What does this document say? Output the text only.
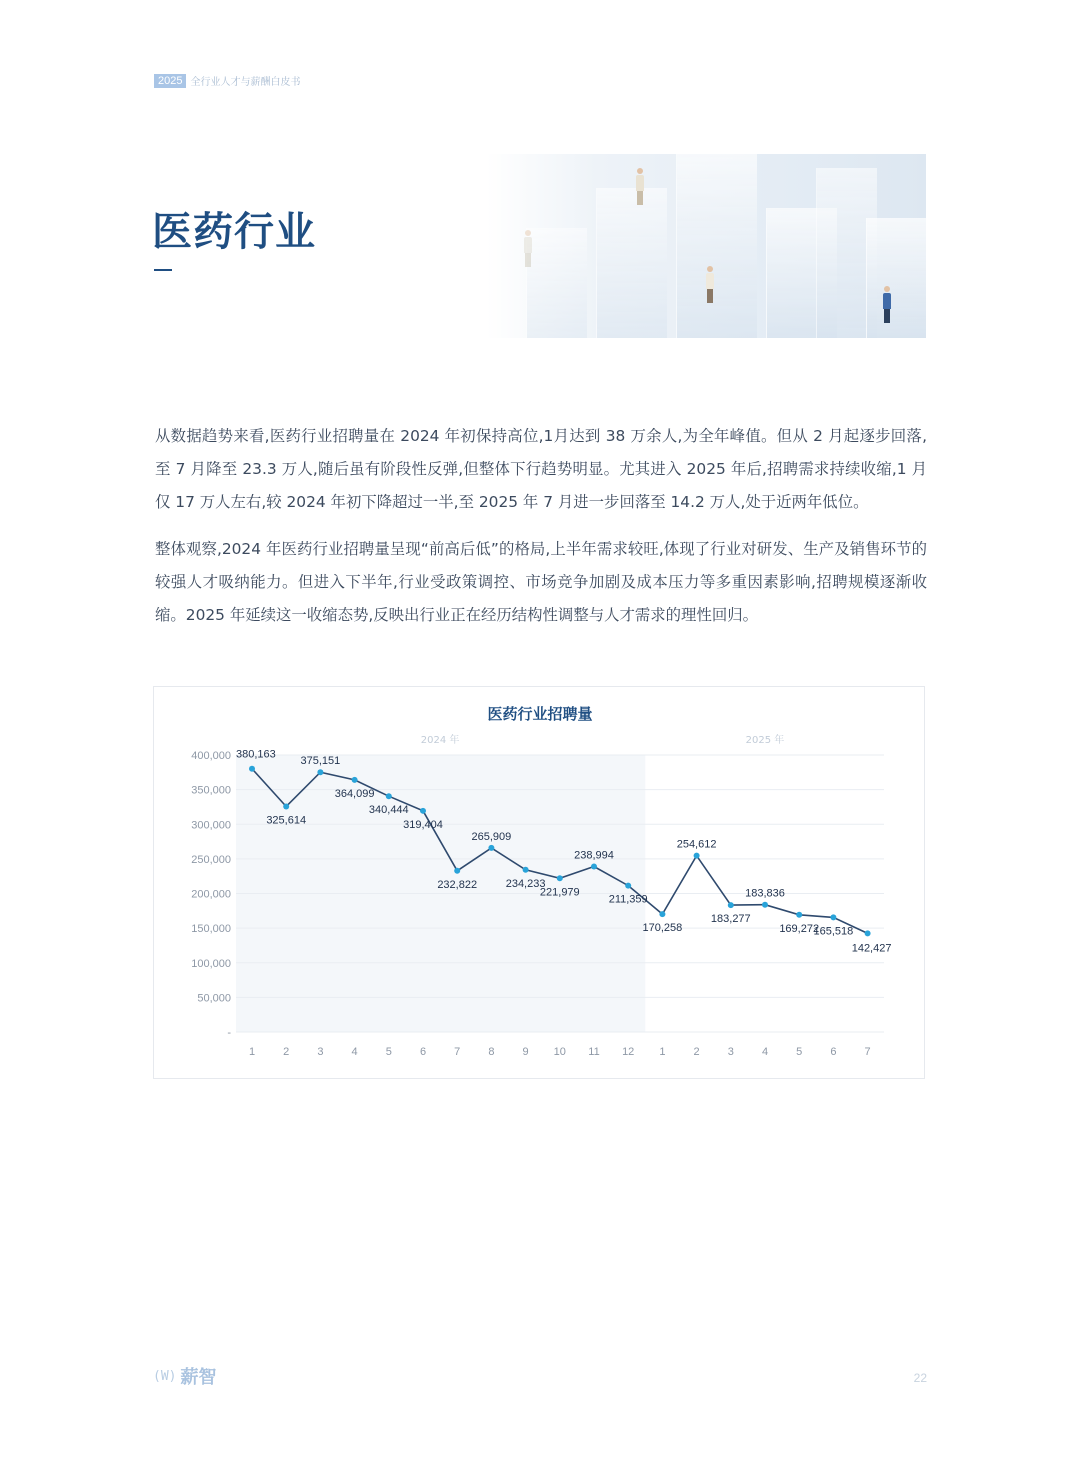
2025 全行业人才与薪酬白皮书
医药行业

从数据趋势来看,医药行业招聘量在 2024 年初保持高位,1月达到 38 万余人,为全年峰值。但从 2 月起逐步回落,至 7 月降至 23.3 万人,随后虽有阶段性反弹,但整体下行趋势明显。尤其进入 2025 年后,招聘需求持续收缩,1 月仅 17 万人左右,较 2024 年初下降超过一半,至 2025 年 7 月进一步回落至 14.2 万人,处于近两年低位。

整体观察,2024 年医药行业招聘量呈现“前高后低”的格局,上半年需求较旺,体现了行业对研发、生产及销售环节的较强人才吸纳能力。但进入下半年,行业受政策调控、市场竞争加剧及成本压力等多重因素影响,招聘规模逐渐收缩。2025 年延续这一收缩态势,反映出行业正在经历结构性调整与人才需求的理性回归。

医药行业招聘量
2024 年	2025 年
400,000
350,000
300,000
250,000
200,000
150,000
100,000
50,000
-
1	2	3	4	5	6	7	8	9 10 11 12 1	2	3	4	5	6	7
380,163
325,614
375,151
364,099
340,444
319,404
232,822
265,909
234,233
221,979
238,994
211,359
170,258
254,612
183,277
183,836
169,272
165,518
142,427
(W) 薪智	22
